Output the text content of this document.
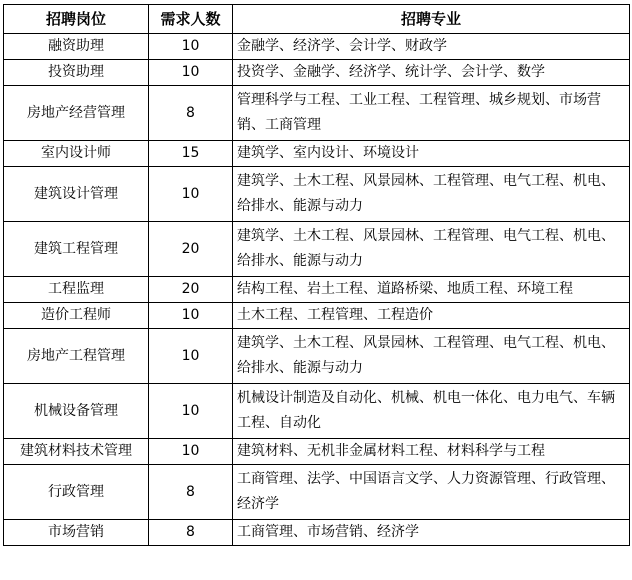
招聘岗位	需求人数	招聘专业
融资助理	10	金融学、经济学、会计学、财政学
投资助理	10	投资学、金融学、经济学、统计学、会计学、数学
房地产经营管理	8	管理科学与工程、工业工程、工程管理、城乡规划、市场营销、工商管理
室内设计师	15	建筑学、室内设计、环境设计
建筑设计管理	10	建筑学、土木工程、风景园林、工程管理、电气工程、机电、给排水、能源与动力
建筑工程管理	20	建筑学、土木工程、风景园林、工程管理、电气工程、机电、给排水、能源与动力
工程监理	20	结构工程、岩土工程、道路桥梁、地质工程、环境工程
造价工程师	10	土木工程、工程管理、工程造价
房地产工程管理	10	建筑学、土木工程、风景园林、工程管理、电气工程、机电、给排水、能源与动力
机械设备管理	10	机械设计制造及自动化、机械、机电一体化、电力电气、车辆工程、自动化
建筑材料技术管理	10	建筑材料、无机非金属材料工程、材料科学与工程
行政管理	8	工商管理、法学、中国语言文学、人力资源管理、行政管理、经济学
市场营销	8	工商管理、市场营销、经济学
